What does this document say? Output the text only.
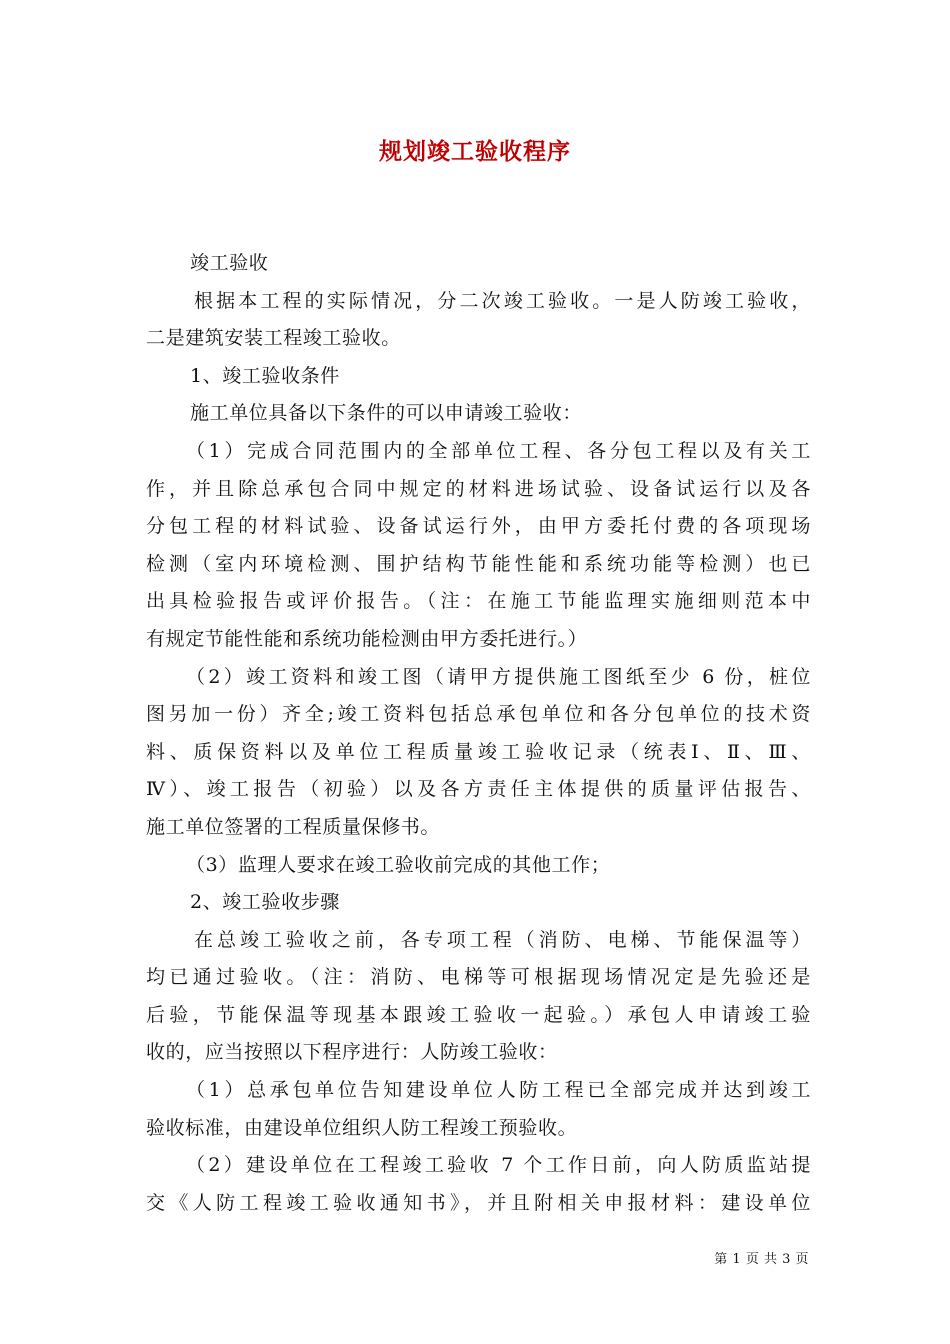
规划竣工验收程序
竣工验收
根据本工程的实际情况，分二次竣工验收。一是人防竣工验收，
二是建筑安装工程竣工验收。
1、竣工验收条件
施工单位具备以下条件的可以申请竣工验收：
（1）完成合同范围内的全部单位工程、各分包工程以及有关工
作，并且除总承包合同中规定的材料进场试验、设备试运行以及各
分包工程的材料试验、设备试运行外，由甲方委托付费的各项现场
检测（室内环境检测、围护结构节能性能和系统功能等检测）也已
出具检验报告或评价报告。（注：在施工节能监理实施细则范本中
有规定节能性能和系统功能检测由甲方委托进行。）
（2）竣工资料和竣工图（请甲方提供施工图纸至少 6 份，桩位
图另加一份）齐全;竣工资料包括总承包单位和各分包单位的技术资
料、质保资料以及单位工程质量竣工验收记录（统表Ⅰ、Ⅱ、Ⅲ、
Ⅳ）、竣工报告（初验）以及各方责任主体提供的质量评估报告、
施工单位签署的工程质量保修书。
（3）监理人要求在竣工验收前完成的其他工作；
2、竣工验收步骤
在总竣工验收之前，各专项工程（消防、电梯、节能保温等）
均已通过验收。（注：消防、电梯等可根据现场情况定是先验还是
后验，节能保温等现基本跟竣工验收一起验。）承包人申请竣工验
收的，应当按照以下程序进行：人防竣工验收：
（1）总承包单位告知建设单位人防工程已全部完成并达到竣工
验收标准，由建设单位组织人防工程竣工预验收。
（2）建设单位在工程竣工验收 7 个工作日前，向人防质监站提
交《人防工程竣工验收通知书》，并且附相关申报材料：建设单位
第 1 页 共 3 页
